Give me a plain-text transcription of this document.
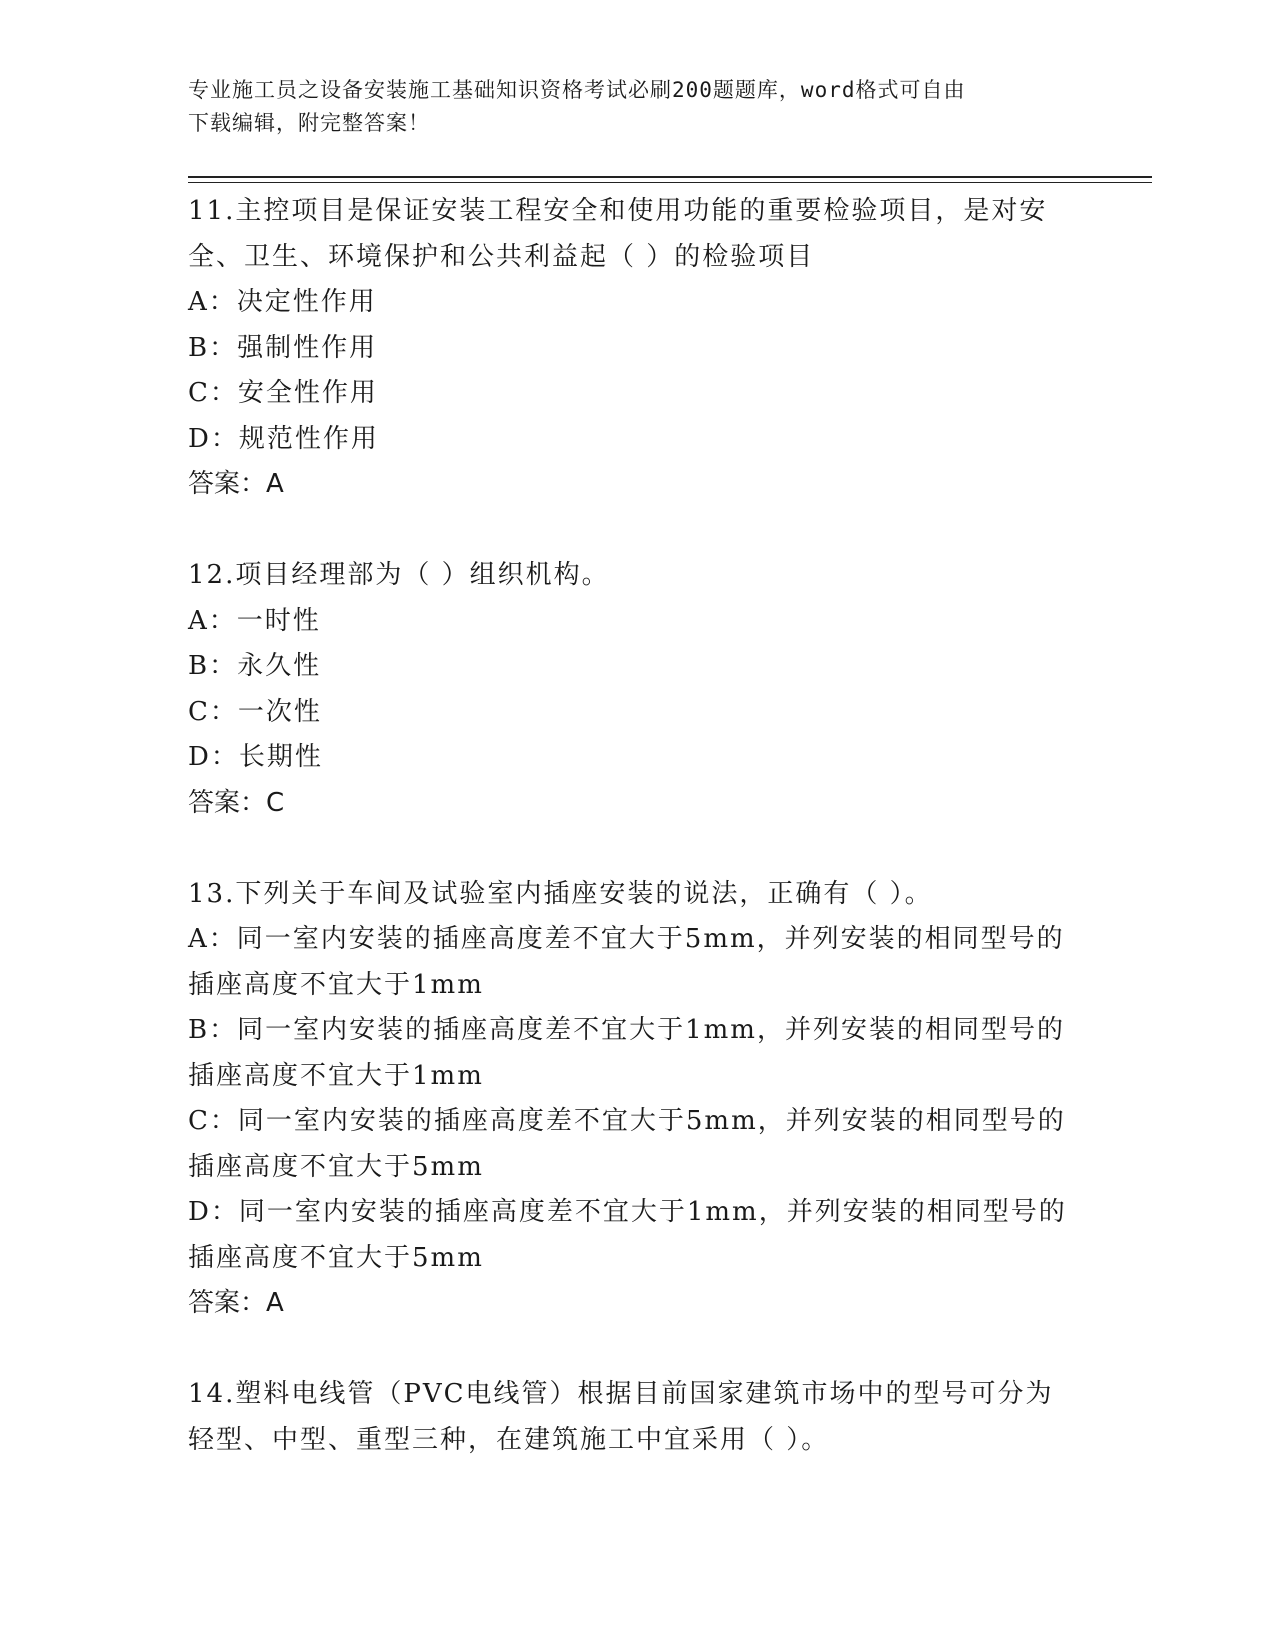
专业施工员之设备安装施工基础知识资格考试必刷200题题库，word格式可自由
下载编辑，附完整答案！

11.主控项目是保证安装工程安全和使用功能的重要检验项目，是对安

全、卫生、环境保护和公共利益起（ ）的检验项目

A：决定性作用

B：强制性作用

C：安全性作用

D：规范性作用

答案：A

12.项目经理部为（ ）组织机构。

A：一时性

B：永久性

C：一次性

D：长期性

答案：C

13.下列关于车间及试验室内插座安装的说法，正确有（ ）。

A：同一室内安装的插座高度差不宜大于5mm，并列安装的相同型号的

插座高度不宜大于1mm

B：同一室内安装的插座高度差不宜大于1mm，并列安装的相同型号的

插座高度不宜大于1mm

C：同一室内安装的插座高度差不宜大于5mm，并列安装的相同型号的

插座高度不宜大于5mm

D：同一室内安装的插座高度差不宜大于1mm，并列安装的相同型号的

插座高度不宜大于5mm

答案：A

14.塑料电线管（PVC电线管）根据目前国家建筑市场中的型号可分为

轻型、中型、重型三种，在建筑施工中宜采用（ ）。
